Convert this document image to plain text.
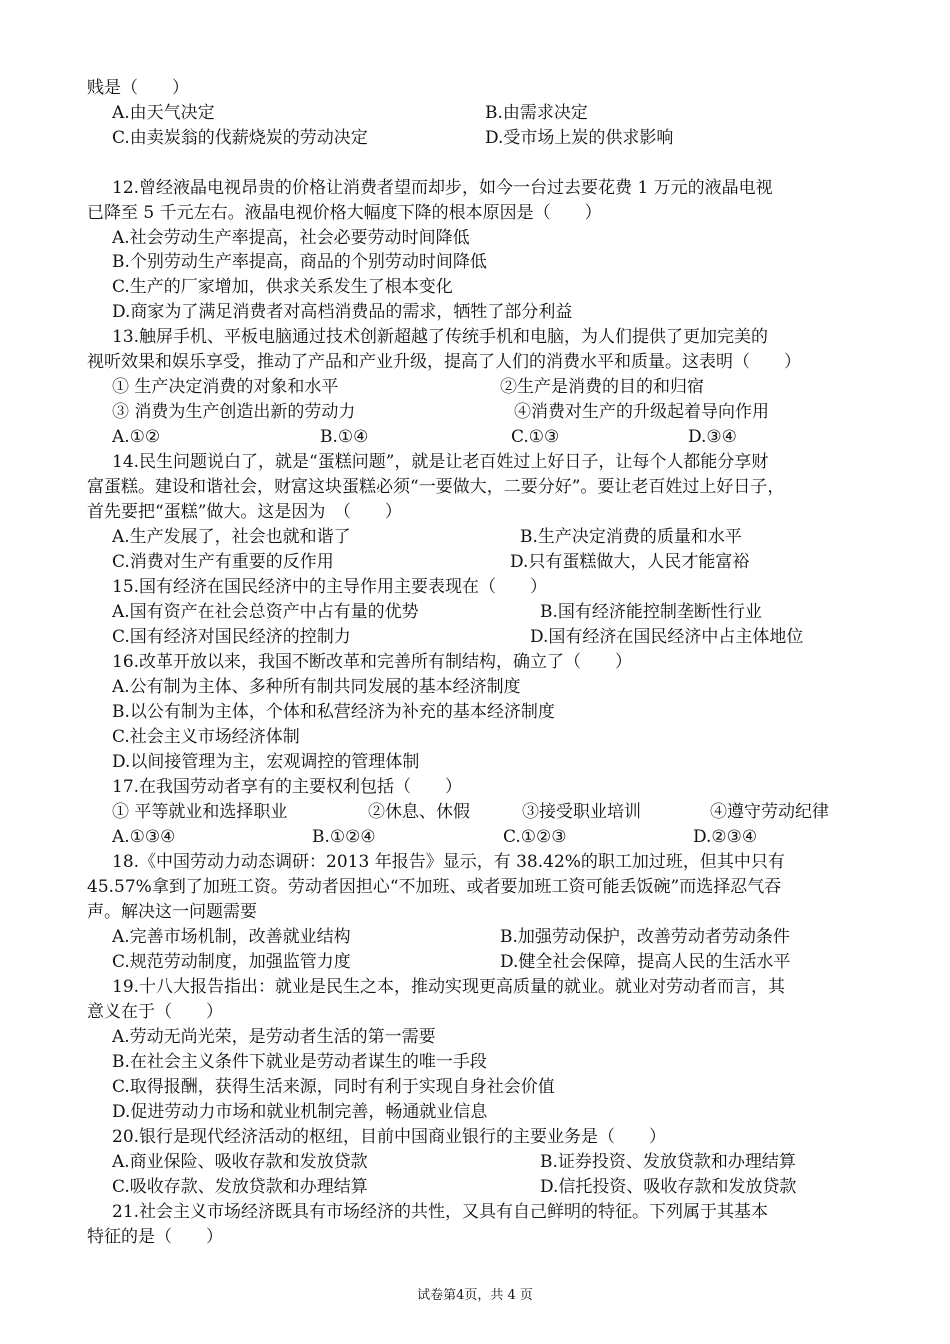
贱是（　　）
A.由天气决定	B.由需求决定
C.由卖炭翁的伐薪烧炭的劳动决定	D.受市场上炭的供求影响
12.曾经液晶电视昂贵的价格让消费者望而却步，如今一台过去要花费 1 万元的液晶电视
已降至 5 千元左右。液晶电视价格大幅度下降的根本原因是（　　）
A.社会劳动生产率提高，社会必要劳动时间降低
B.个别劳动生产率提高，商品的个别劳动时间降低
C.生产的厂家增加，供求关系发生了根本变化
D.商家为了满足消费者对高档消费品的需求，牺牲了部分利益
13.触屏手机、平板电脑通过技术创新超越了传统手机和电脑，为人们提供了更加完美的
视听效果和娱乐享受，推动了产品和产业升级，提高了人们的消费水平和质量。这表明（　　）
① 生产决定消费的对象和水平	②生产是消费的目的和归宿
③ 消费为生产创造出新的劳动力	④消费对生产的升级起着导向作用
A.①②	B.①④	C.①③	D.③④
14.民生问题说白了，就是“蛋糕问题”，就是让老百姓过上好日子，让每个人都能分享财
富蛋糕。建设和谐社会，财富这块蛋糕必须“一要做大，二要分好”。要让老百姓过上好日子，
首先要把“蛋糕”做大。这是因为　（　　）
A.生产发展了，社会也就和谐了	B.生产决定消费的质量和水平
C.消费对生产有重要的反作用	D.只有蛋糕做大，人民才能富裕
15.国有经济在国民经济中的主导作用主要表现在（　　）
A.国有资产在社会总资产中占有量的优势	B.国有经济能控制垄断性行业
C.国有经济对国民经济的控制力	D.国有经济在国民经济中占主体地位
16.改革开放以来，我国不断改革和完善所有制结构，确立了（　　）
A.公有制为主体、多种所有制共同发展的基本经济制度
B.以公有制为主体，个体和私营经济为补充的基本经济制度
C.社会主义市场经济体制
D.以间接管理为主，宏观调控的管理体制
17.在我国劳动者享有的主要权利包括（　　）
① 平等就业和选择职业	②休息、休假	③接受职业培训	④遵守劳动纪律
A.①③④	B.①②④	C.①②③	D.②③④
18.《中国劳动力动态调研：2013 年报告》显示，有 38.42%的职工加过班，但其中只有
45.57%拿到了加班工资。劳动者因担心“不加班、或者要加班工资可能丢饭碗”而选择忍气吞
声。解决这一问题需要
A.完善市场机制，改善就业结构	B.加强劳动保护，改善劳动者劳动条件
C.规范劳动制度，加强监管力度	D.健全社会保障，提高人民的生活水平
19.十八大报告指出：就业是民生之本，推动实现更高质量的就业。就业对劳动者而言，其
意义在于（　　）
A.劳动无尚光荣，是劳动者生活的第一需要
B.在社会主义条件下就业是劳动者谋生的唯一手段
C.取得报酬，获得生活来源，同时有利于实现自身社会价值
D.促进劳动力市场和就业机制完善，畅通就业信息
20.银行是现代经济活动的枢纽，目前中国商业银行的主要业务是（　　）
A.商业保险、吸收存款和发放贷款	B.证券投资、发放贷款和办理结算
C.吸收存款、发放贷款和办理结算	D.信托投资、吸收存款和发放贷款
21.社会主义市场经济既具有市场经济的共性，又具有自己鲜明的特征。下列属于其基本
特征的是（　　）
试卷第4页，共 4 页
